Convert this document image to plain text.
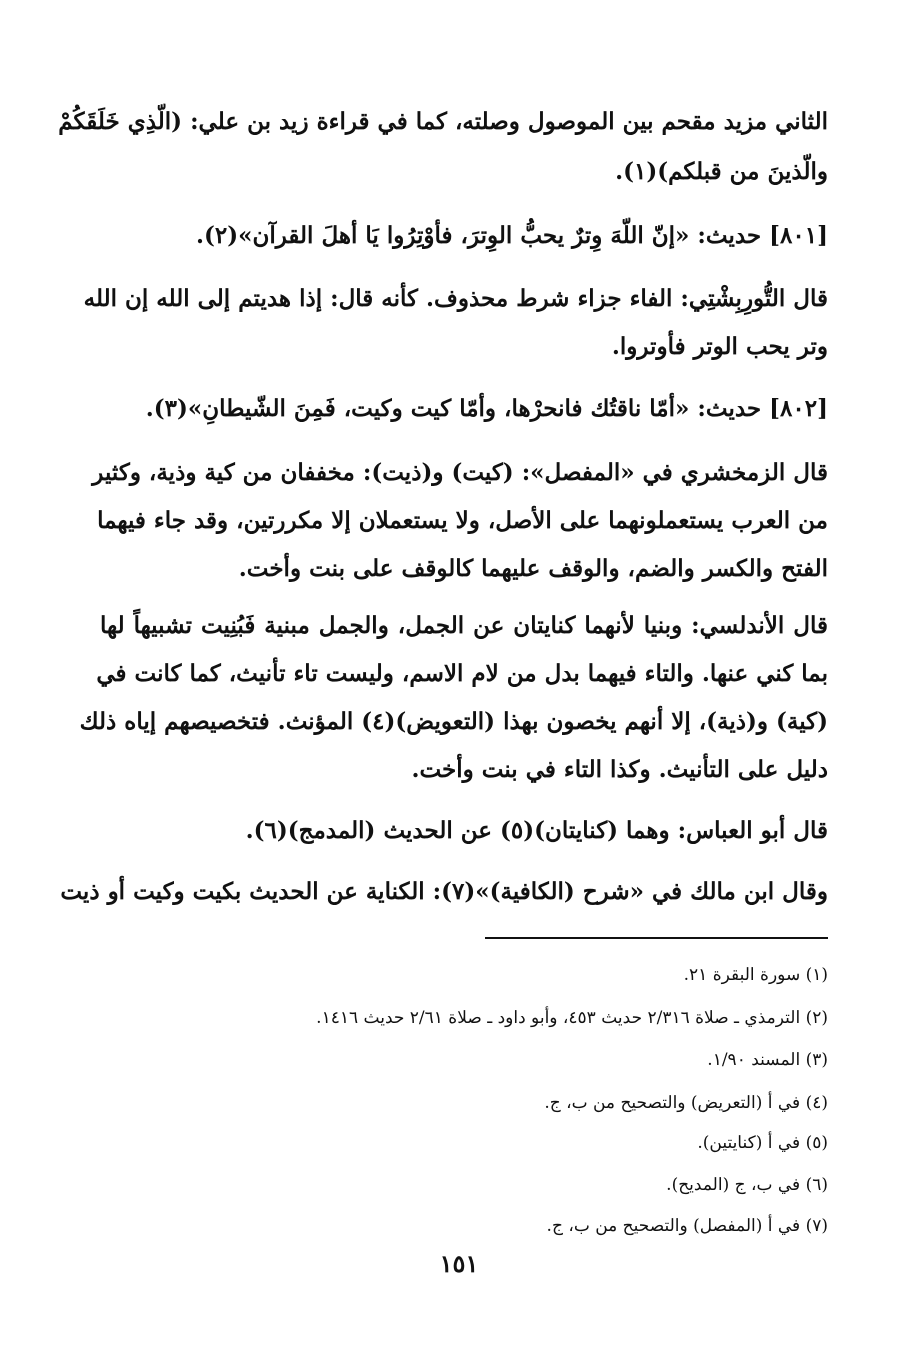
الثاني مزيد مقحم بين الموصول وصلته، كما في قراءة زيد بن علي: (الّذِي خَلَقَكُمْ
والّذينَ من قبلكم)(١).
[٨٠١] حديث: «إنّ اللّهَ وِترٌ يحبُّ الوِترَ، فأوْتِرُوا يَا أهلَ القرآن»(٢).
قال التُّورِبِشْتِي: الفاء جزاء شرط محذوف. كأنه قال: إذا هديتم إلى الله إن الله
وتر يحب الوتر فأوتروا.
[٨٠٢] حديث: «أمّا ناقتُك فانحرْها، وأمّا كيت وكيت، فَمِنَ الشّيطانِ»(٣).
قال الزمخشري في «المفصل»: (كيت) و(ذيت): مخففان من كية وذية، وكثير
من العرب يستعملونهما على الأصل، ولا يستعملان إلا مكررتين، وقد جاء فيهما
الفتح والكسر والضم، والوقف عليهما كالوقف على بنت وأخت.
قال الأندلسي: وبنيا لأنهما كنايتان عن الجمل، والجمل مبنية فَبُنِيت تشبيهاً لها
بما كني عنها. والتاء فيهما بدل من لام الاسم، وليست تاء تأنيث، كما كانت في
(كية) و(ذية)، إلا أنهم يخصون بهذا (التعويض)(٤) المؤنث. فتخصيصهم إياه ذلك
دليل على التأنيث. وكذا التاء في بنت وأخت.
قال أبو العباس: وهما (كنايتان)(٥) عن الحديث (المدمج)(٦).
وقال ابن مالك في «شرح (الكافية)»(٧): الكناية عن الحديث بكيت وكيت أو ذيت
(١) سورة البقرة ٢١.
(٢) الترمذي ـ صلاة ٢/٣١٦ حديث ٤٥٣، وأبو داود ـ صلاة ٢/٦١ حديث ١٤١٦.
(٣) المسند ١/٩٠.
(٤) في أ (التعريض) والتصحيح من ب، ج.
(٥) في أ (كنايتين).
(٦) في ب، ج (المديح).
(٧) في أ (المفصل) والتصحيح من ب، ج.
١٥١
